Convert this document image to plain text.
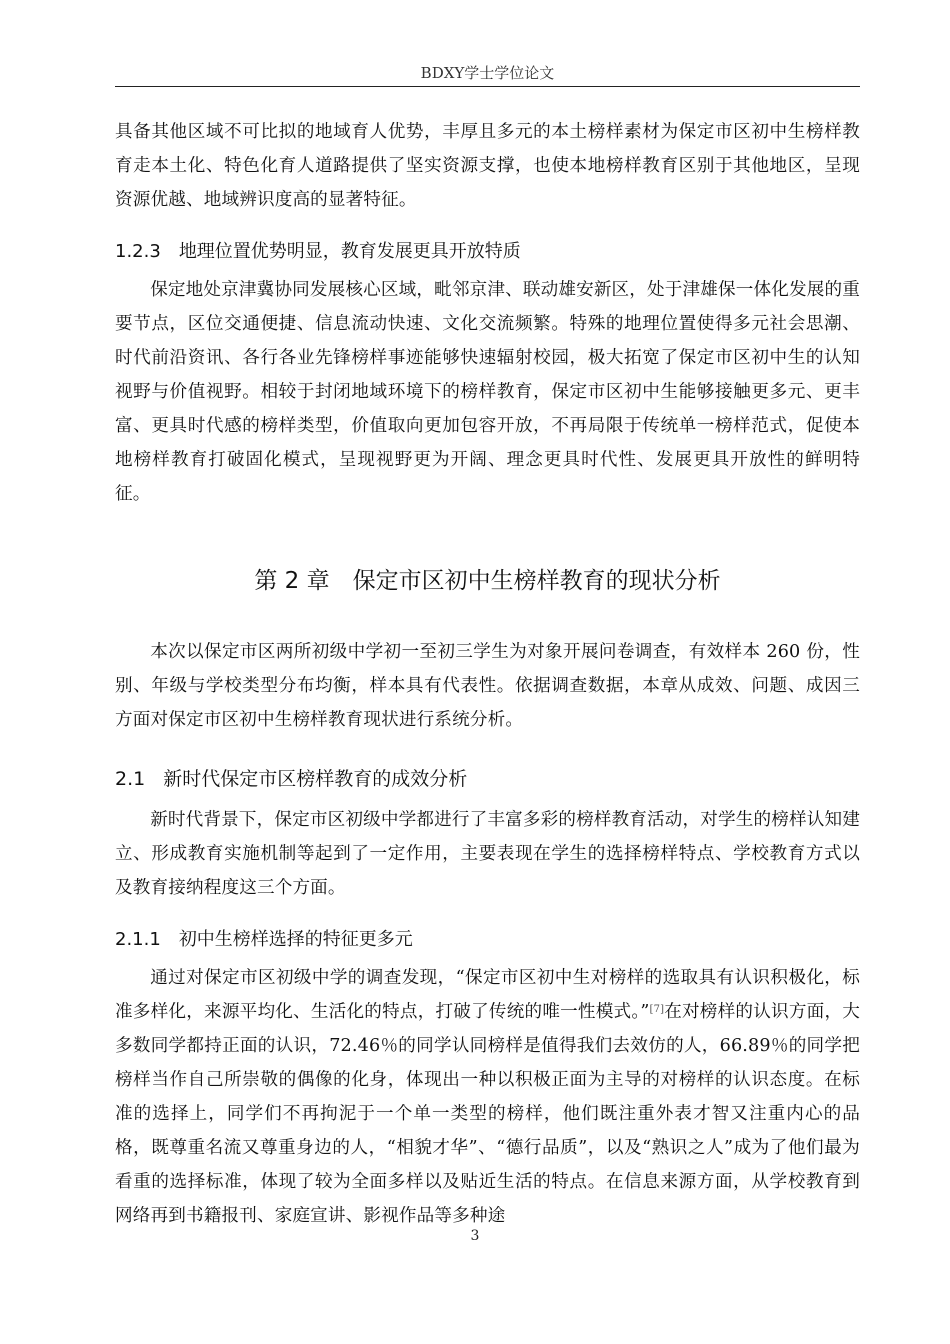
BDXY学士学位论文

具备其他区域不可比拟的地域育人优势，丰厚且多元的本土榜样素材为保定市区初中生榜样教育走本土化、特色化育人道路提供了坚实资源支撑，也使本地榜样教育区别于其他地区，呈现资源优越、地域辨识度高的显著特征。

1.2.3 地理位置优势明显，教育发展更具开放特质

保定地处京津冀协同发展核心区域，毗邻京津、联动雄安新区，处于津雄保一体化发展的重要节点，区位交通便捷、信息流动快速、文化交流频繁。特殊的地理位置使得多元社会思潮、时代前沿资讯、各行各业先锋榜样事迹能够快速辐射校园，极大拓宽了保定市区初中生的认知视野与价值视野。相较于封闭地域环境下的榜样教育，保定市区初中生能够接触更多元、更丰富、更具时代感的榜样类型，价值取向更加包容开放，不再局限于传统单一榜样范式，促使本地榜样教育打破固化模式，呈现视野更为开阔、理念更具时代性、发展更具开放性的鲜明特征。

第 2 章　保定市区初中生榜样教育的现状分析

本次以保定市区两所初级中学初一至初三学生为对象开展问卷调查，有效样本 260 份，性别、年级与学校类型分布均衡，样本具有代表性。依据调查数据，本章从成效、问题、成因三方面对保定市区初中生榜样教育现状进行系统分析。

2.1 新时代保定市区榜样教育的成效分析

新时代背景下，保定市区初级中学都进行了丰富多彩的榜样教育活动，对学生的榜样认知建立、形成教育实施机制等起到了一定作用，主要表现在学生的选择榜样特点、学校教育方式以及教育接纳程度这三个方面。

2.1.1 初中生榜样选择的特征更多元

通过对保定市区初级中学的调查发现，“保定市区初中生对榜样的选取具有认识积极化，标准多样化，来源平均化、生活化的特点，打破了传统的唯一性模式。”[7]在对榜样的认识方面，大多数同学都持正面的认识，72.46％的同学认同榜样是值得我们去效仿的人，66.89％的同学把榜样当作自己所崇敬的偶像的化身，体现出一种以积极正面为主导的对榜样的认识态度。在标准的选择上，同学们不再拘泥于一个单一类型的榜样，他们既注重外表才智又注重内心的品格，既尊重名流又尊重身边的人，“相貌才华”、“德行品质”，以及“熟识之人”成为了他们最为看重的选择标准，体现了较为全面多样以及贴近生活的特点。在信息来源方面，从学校教育到网络再到书籍报刊、家庭宣讲、影视作品等多种途

3
